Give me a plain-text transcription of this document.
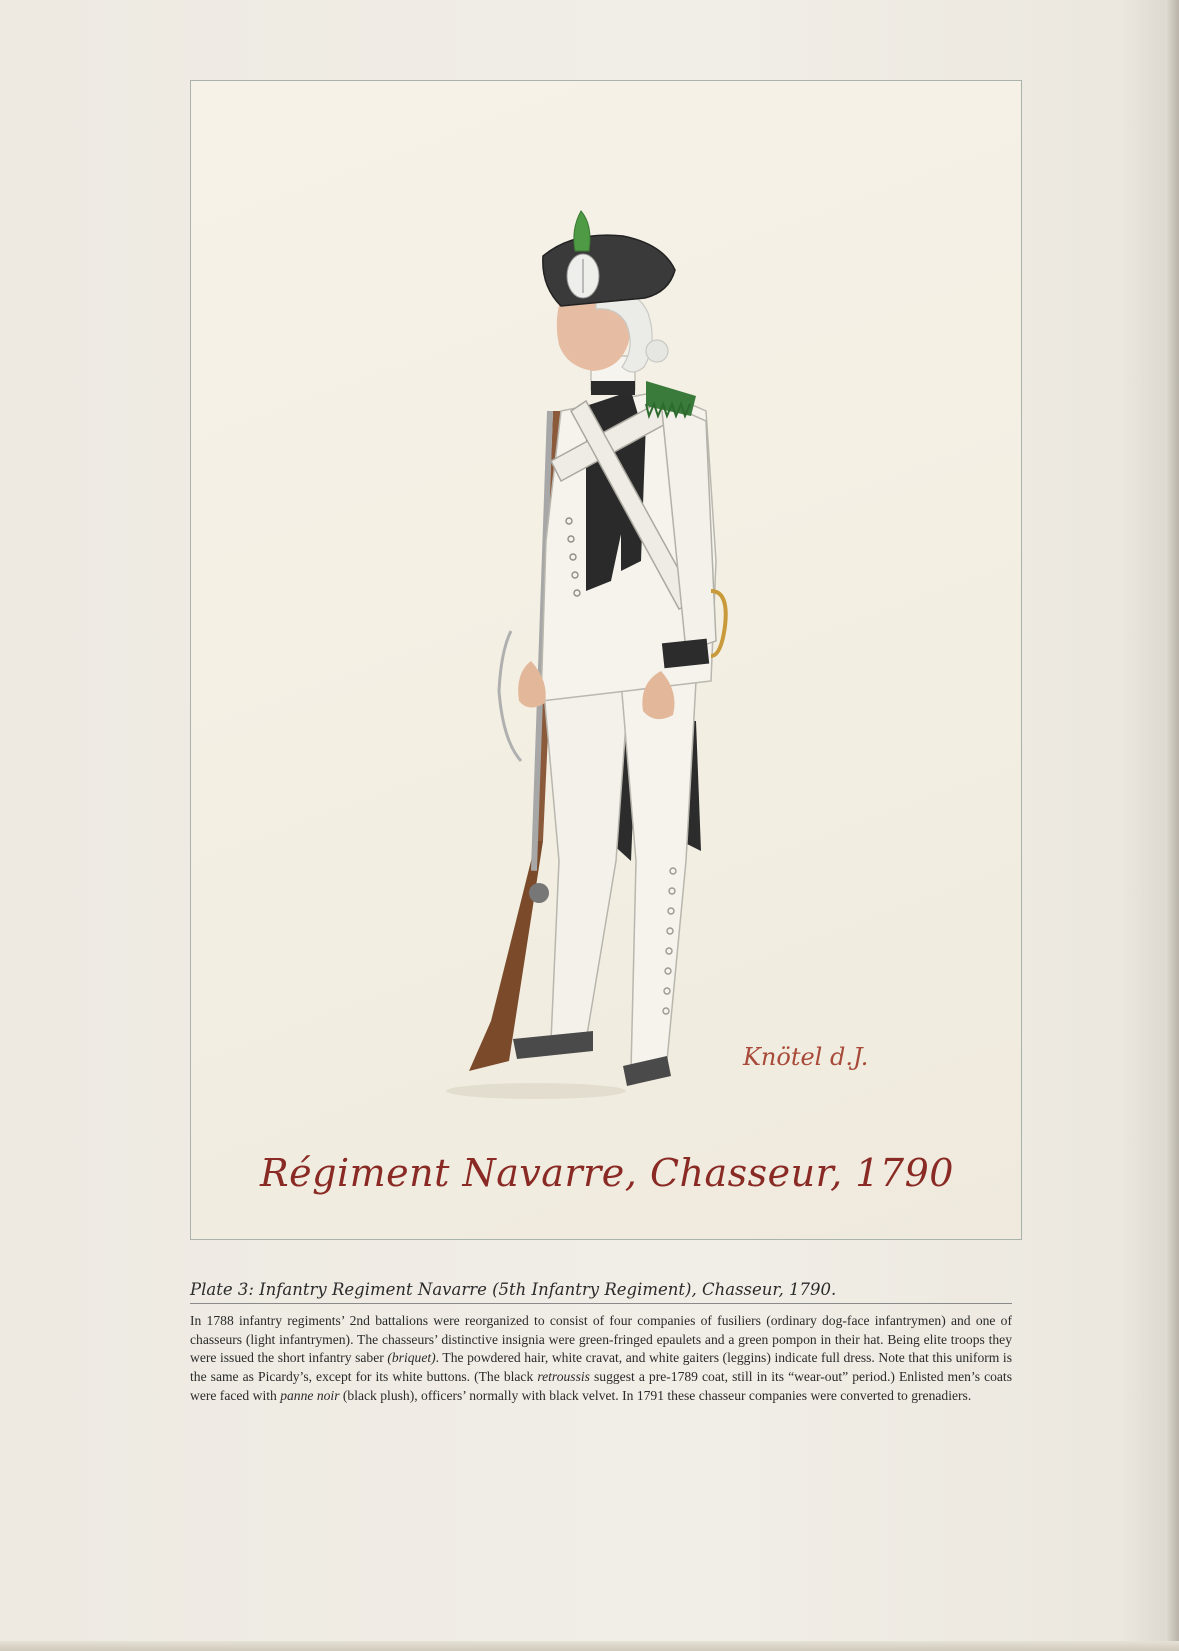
Knötel d.J.
Régiment Navarre, Chasseur, 1790
Plate 3: Infantry Regiment Navarre (5th Infantry Regiment), Chasseur, 1790.
In 1788 infantry regiments’ 2nd battalions were reorganized to consist of four companies of fusiliers (ordinary dog-face infantrymen) and one of chasseurs (light infantrymen). The chasseurs’ distinctive insignia were green-fringed epaulets and a green pompon in their hat. Being elite troops they were issued the short infantry saber (briquet). The powdered hair, white cravat, and white gaiters (leggins) indicate full dress. Note that this uniform is the same as Picardy’s, except for its white buttons. (The black retroussis suggest a pre-1789 coat, still in its “wear-out” period.) Enlisted men’s coats were faced with panne noir (black plush), officers’ normally with black velvet. In 1791 these chasseur companies were converted to grenadiers.
